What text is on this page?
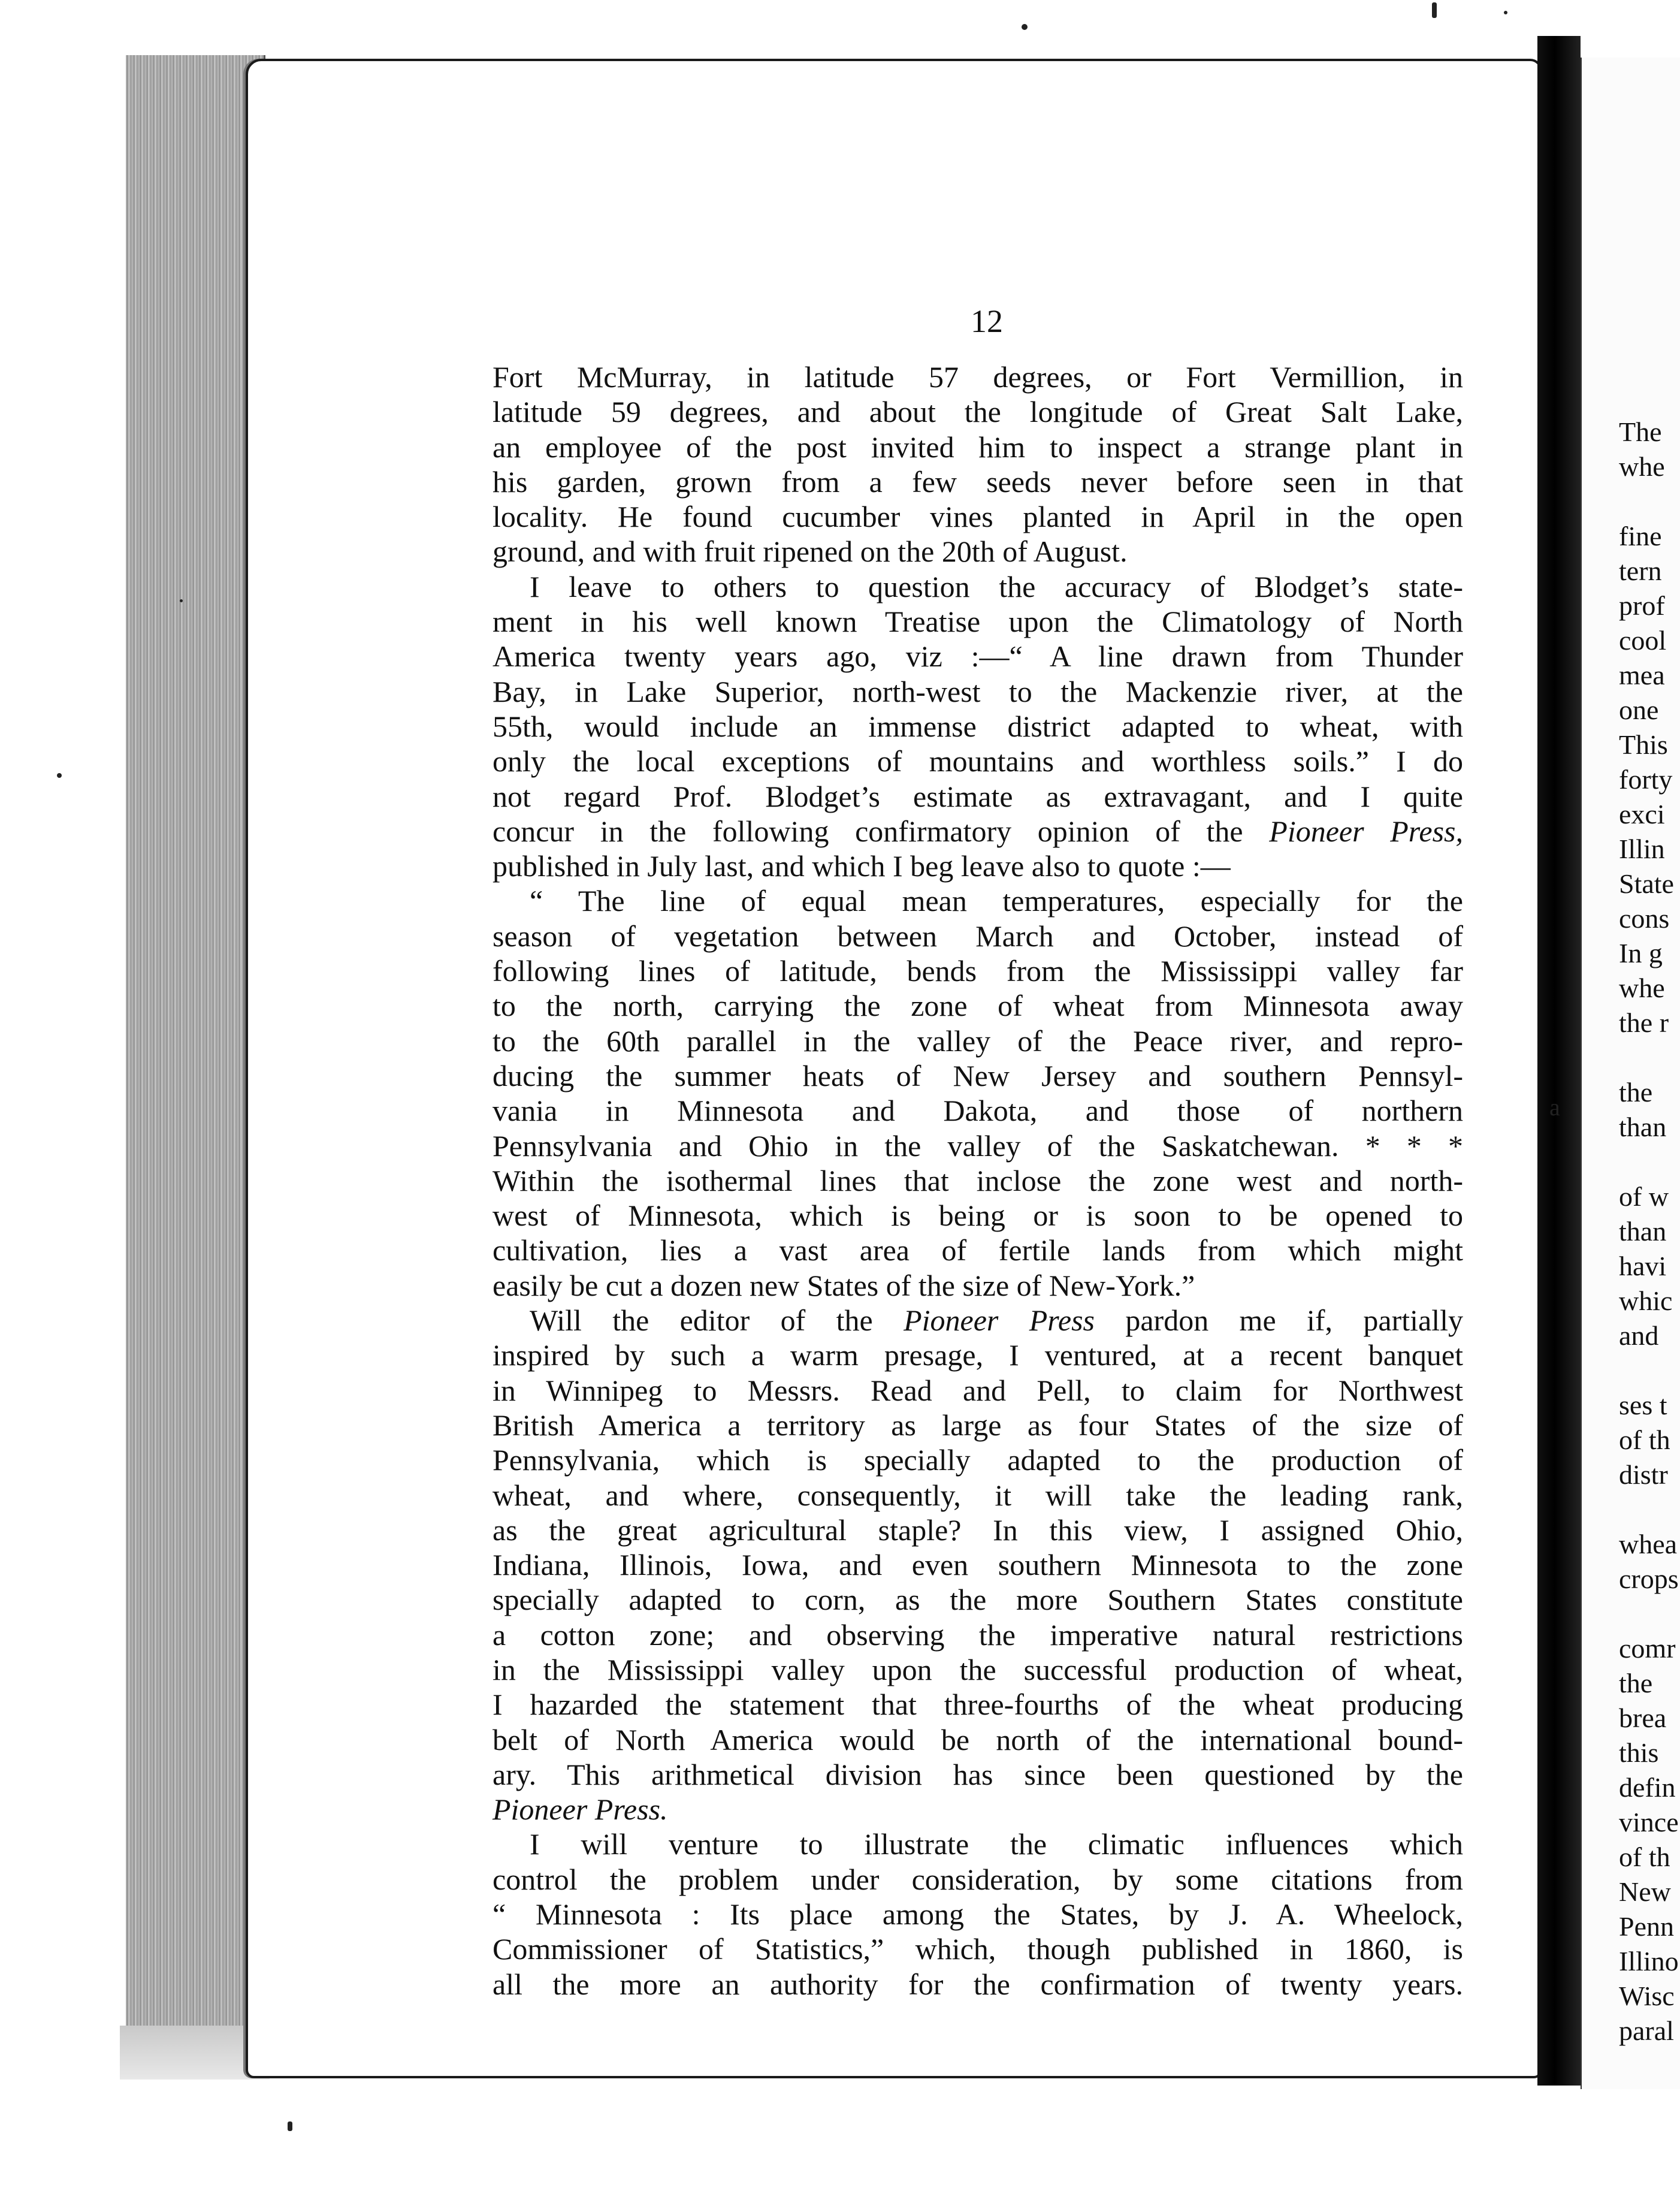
12
Fort McMurray, in latitude 57 degrees, or Fort Vermillion, in
latitude 59 degrees, and about the longitude of Great Salt Lake,
an employee of the post invited him to inspect a strange plant in
his garden, grown from a few seeds never before seen in that
locality. He found cucumber vines planted in April in the open
ground, and with fruit ripened on the 20th of August.
I leave to others to question the accuracy of Blodget’s state-
ment in his well known Treatise upon the Climatology of North
America twenty years ago, viz :—“ A line drawn from Thunder
Bay, in Lake Superior, north-west to the Mackenzie river, at the
55th, would include an immense district adapted to wheat, with
only the local exceptions of mountains and worthless soils.” I do
not regard Prof. Blodget’s estimate as extravagant, and I quite
concur in the following confirmatory opinion of the Pioneer Press,
published in July last, and which I beg leave also to quote :—
“ The line of equal mean temperatures, especially for the
season of vegetation between March and October, instead of
following lines of latitude, bends from the Mississippi valley far
to the north, carrying the zone of wheat from Minnesota away
to the 60th parallel in the valley of the Peace river, and repro-
ducing the summer heats of New Jersey and southern Pennsyl-
vania in Minnesota and Dakota, and those of northern
Pennsylvania and Ohio in the valley of the Saskatchewan. * * *
Within the isothermal lines that inclose the zone west and north-
west of Minnesota, which is being or is soon to be opened to
cultivation, lies a vast area of fertile lands from which might
easily be cut a dozen new States of the size of New-York.”
Will the editor of the Pioneer Press pardon me if, partially
inspired by such a warm presage, I ventured, at a recent banquet
in Winnipeg to Messrs. Read and Pell, to claim for Northwest
British America a territory as large as four States of the size of
Pennsylvania, which is specially adapted to the production of
wheat, and where, consequently, it will take the leading rank,
as the great agricultural staple? In this view, I assigned Ohio,
Indiana, Illinois, Iowa, and even southern Minnesota to the zone
specially adapted to corn, as the more Southern States constitute
a cotton zone; and observing the imperative natural restrictions
in the Mississippi valley upon the successful production of wheat,
I hazarded the statement that three-fourths of the wheat producing
belt of North America would be north of the international bound-
ary. This arithmetical division has since been questioned by the
Pioneer Press.
I will venture to illustrate the climatic influences which
control the problem under consideration, by some citations from
“ Minnesota : Its place among the States, by J. A. Wheelock,
Commissioner of Statistics,” which, though published in 1860, is
all the more an authority for the confirmation of twenty years.
The
whe
fine
tern
prof
cool
mea
one
This
forty
exci
Illin
State
cons
In g
whe
the r
the
than
of w
than
havi
whic
and
ses t
of th
distr
whea
crops
comr
the
brea
this
defin
vince
of th
New
Penn
Illino
Wisc
paral
a
